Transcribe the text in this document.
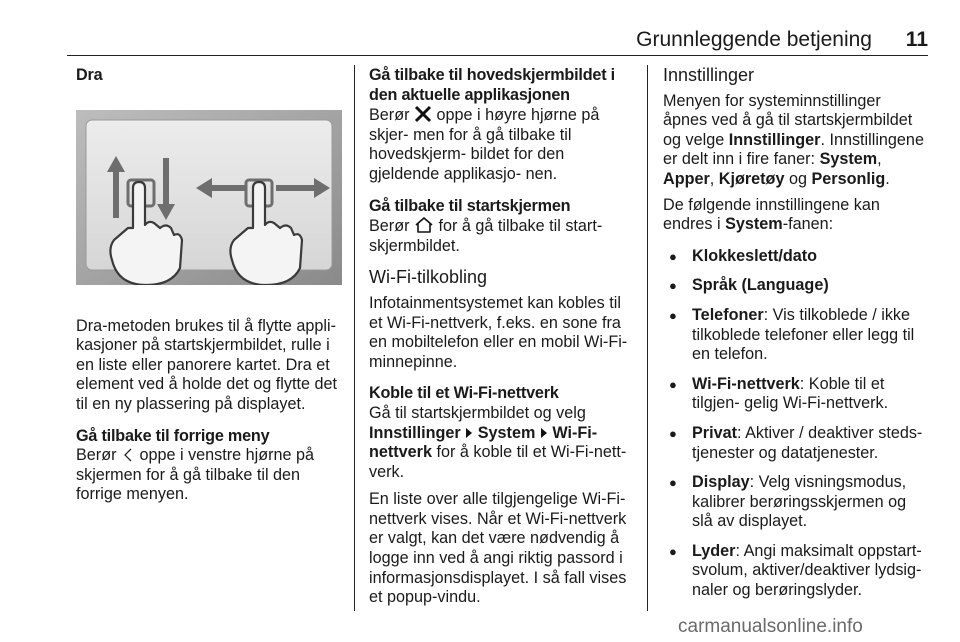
Grunnleggende betjening 11
Dra

Dra-metoden brukes til å flytte appli- kasjoner på startskjermbildet, rulle i en liste eller panorere kartet. Dra et element ved å holde det og flytte det til en ny plassering på displayet.

Gå tilbake til forrige meny

Berør oppe i venstre hjørne på skjermen for å gå tilbake til den forrige menyen.

Gå tilbake til hovedskjermbildet i den aktuelle applikasjonen

Berør oppe i høyre hjørne på skjer- men for å gå tilbake til hovedskjerm- bildet for den gjeldende applikasjo- nen.

Gå tilbake til startskjermen

Berør for å gå tilbake til start- skjermbildet.

Wi-Fi-tilkobling

Infotainmentsystemet kan kobles til et Wi-Fi-nettverk, f.eks. en sone fra en mobiltelefon eller en mobil Wi-Fi- minnepinne.

Koble til et Wi-Fi-nettverk

Gå til startskjermbildet og velg
Innstillinger System Wi-Fi- nettverk for å koble til et Wi-Fi-nett- verk.

En liste over alle tilgjengelige Wi-Fi- nettverk vises. Når et Wi-Fi-nettverk er valgt, kan det være nødvendig å logge inn ved å angi riktig passord i informasjonsdisplayet. I så fall vises et popup-vindu.

Innstillinger

Menyen for systeminnstillinger åpnes ved å gå til startskjermbildet og velge Innstillinger. Innstillingene er delt inn i fire faner: System, Apper, Kjøretøy og Personlig.

De følgende innstillingene kan endres i System-fanen:

● Klokkeslett/dato
● Språk (Language)
● Telefoner: Vis tilkoblede / ikke tilkoblede telefoner eller legg til en telefon.
● Wi-Fi-nettverk: Koble til et tilgjen- gelig Wi-Fi-nettverk.
● Privat: Aktiver / deaktiver steds- tjenester og datatjenester.
● Display: Velg visningsmodus, kalibrer berøringsskjermen og slå av displayet.
● Lyder: Angi maksimalt oppstart- svolum, aktiver/deaktiver lydsig- naler og berøringslyder.
carmanualsonline.info
